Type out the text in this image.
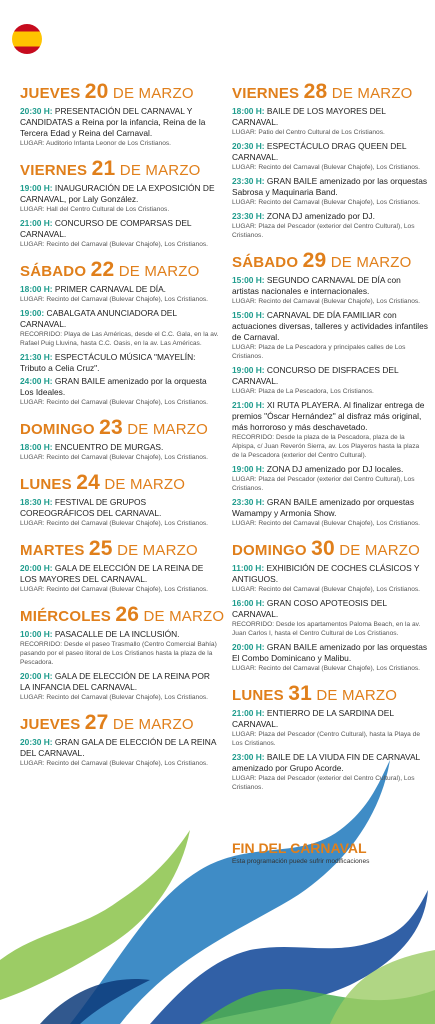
JUEVES 20 DE MARZO
20:30 H: PRESENTACIÓN DEL CARNAVAL Y CANDIDATAS a Reina por la infancia, Reina de la Tercera Edad y Reina del Carnaval.
LUGAR: Auditorio Infanta Leonor de Los Cristianos.
VIERNES 21 DE MARZO
19:00 H: INAUGURACIÓN DE LA EXPOSICIÓN DE CARNAVAL, por Laly González.
LUGAR: Hall del Centro Cultural de Los Cristianos.
21:00 H: CONCURSO DE COMPARSAS DEL CARNAVAL.
LUGAR: Recinto del Carnaval (Bulevar Chajofe), Los Cristianos.
SÁBADO 22 DE MARZO
18:00 H: PRIMER CARNAVAL DE DÍA.
LUGAR: Recinto del Carnaval (Bulevar Chajofe), Los Cristianos.
19:00: CABALGATA ANUNCIADORA DEL CARNAVAL.
RECORRIDO: Playa de Las Américas, desde el C.C. Gala, en la av. Rafael Puig Lluvina, hasta C.C. Oasis, en la av. Las Américas.
21:30 H: ESPECTÁCULO MÚSICA "MAYELÍN: Tributo a Celia Cruz".
24:00 H: GRAN BAILE amenizado por la orquesta Los Ideales.
LUGAR: Recinto del Carnaval (Bulevar Chajofe), Los Cristianos.
DOMINGO 23 DE MARZO
18:00 H: ENCUENTRO DE MURGAS.
LUGAR: Recinto del Carnaval (Bulevar Chajofe), Los Cristianos.
LUNES 24 DE MARZO
18:30 H: FESTIVAL DE GRUPOS COREOGRÁFICOS DEL CARNAVAL.
LUGAR: Recinto del Carnaval (Bulevar Chajofe), Los Cristianos.
MARTES 25 DE MARZO
20:00 H: GALA DE ELECCIÓN DE LA REINA DE LOS MAYORES DEL CARNAVAL.
LUGAR: Recinto del Carnaval (Bulevar Chajofe), Los Cristianos.
MIÉRCOLES 26 DE MARZO
10:00 H: PASACALLE DE LA INCLUSIÓN.
RECORRIDO: Desde el paseo Trasmallo (Centro Comercial Bahía) pasando por el paseo litoral de Los Cristianos hasta la plaza de la Pescadora.
20:00 H: GALA DE ELECCIÓN DE LA REINA POR LA INFANCIA DEL CARNAVAL.
LUGAR: Recinto del Carnaval (Bulevar Chajofe), Los Cristianos.
JUEVES 27 DE MARZO
20:30 H: GRAN GALA DE ELECCIÓN DE LA REINA DEL CARNAVAL.
LUGAR: Recinto del Carnaval (Bulevar Chajofe), Los Cristianos.
VIERNES 28 DE MARZO
18:00 H: BAILE DE LOS MAYORES DEL CARNAVAL.
LUGAR: Patio del Centro Cultural de Los Cristianos.
20:30 H: ESPECTÁCULO DRAG QUEEN DEL CARNAVAL.
LUGAR: Recinto del Carnaval (Bulevar Chajofe), Los Cristianos.
23:30 H: GRAN BAILE amenizado por las orquestas Sabrosa y Maquinaria Band.
LUGAR: Recinto del Carnaval (Bulevar Chajofe), Los Cristianos.
23:30 H: ZONA DJ amenizado por DJ.
LUGAR: Plaza del Pescador (exterior del Centro Cultural), Los Cristianos.
SÁBADO 29 DE MARZO
15:00 H: SEGUNDO CARNAVAL DE DÍA con artistas nacionales e internacionales.
LUGAR: Recinto del Carnaval (Bulevar Chajofe), Los Cristianos.
15:00 H: CARNAVAL DE DÍA FAMILIAR con actuaciones diversas, talleres y actividades infantiles de Carnaval.
LUGAR: Plaza de La Pescadora y principales calles de Los Cristianos.
19:00 H: CONCURSO DE DISFRACES DEL CARNAVAL.
LUGAR: Plaza de La Pescadora, Los Cristianos.
21:00 H: XI RUTA PLAYERA. Al finalizar entrega de premios "Óscar Hernández" al disfraz más original, más horroroso y más deschavetado.
RECORRIDO: Desde la plaza de la Pescadora, plaza de la Alpispa, c/ Juan Reverón Sierra, av. Los Playeros hasta la plaza de la Pescadora (exterior del Centro Cultural).
19:00 H: ZONA DJ amenizado por DJ locales.
LUGAR: Plaza del Pescador (exterior del Centro Cultural), Los Cristianos.
23:30 H: GRAN BAILE amenizado por orquestas Wamampy y Armonia Show.
LUGAR: Recinto del Carnaval (Bulevar Chajofe), Los Cristianos.
DOMINGO 30 DE MARZO
11:00 H: EXHIBICIÓN DE COCHES CLÁSICOS Y ANTIGUOS.
LUGAR: Recinto del Carnaval (Bulevar Chajofe), Los Cristianos.
16:00 H: GRAN COSO APOTEOSIS DEL CARNAVAL.
RECORRIDO: Desde los apartamentos Paloma Beach, en la av. Juan Carlos I, hasta el Centro Cultural de Los Cristianos.
20:00 H: GRAN BAILE amenizado por las orquestas El Combo Dominicano y Malibu.
LUGAR: Recinto del Carnaval (Bulevar Chajofe), Los Cristianos.
LUNES 31 DE MARZO
21:00 H: ENTIERRO DE LA SARDINA DEL CARNAVAL.
LUGAR: Plaza del Pescador (Centro Cultural), hasta la Playa de Los Cristianos.
23:00 H: BAILE DE LA VIUDA FIN DE CARNAVAL amenizado por Grupo Acorde.
LUGAR: Plaza del Pescador (exterior del Centro Cultural), Los Cristianos.
FIN DEL CARNAVAL
Esta programación puede sufrir modificaciones
